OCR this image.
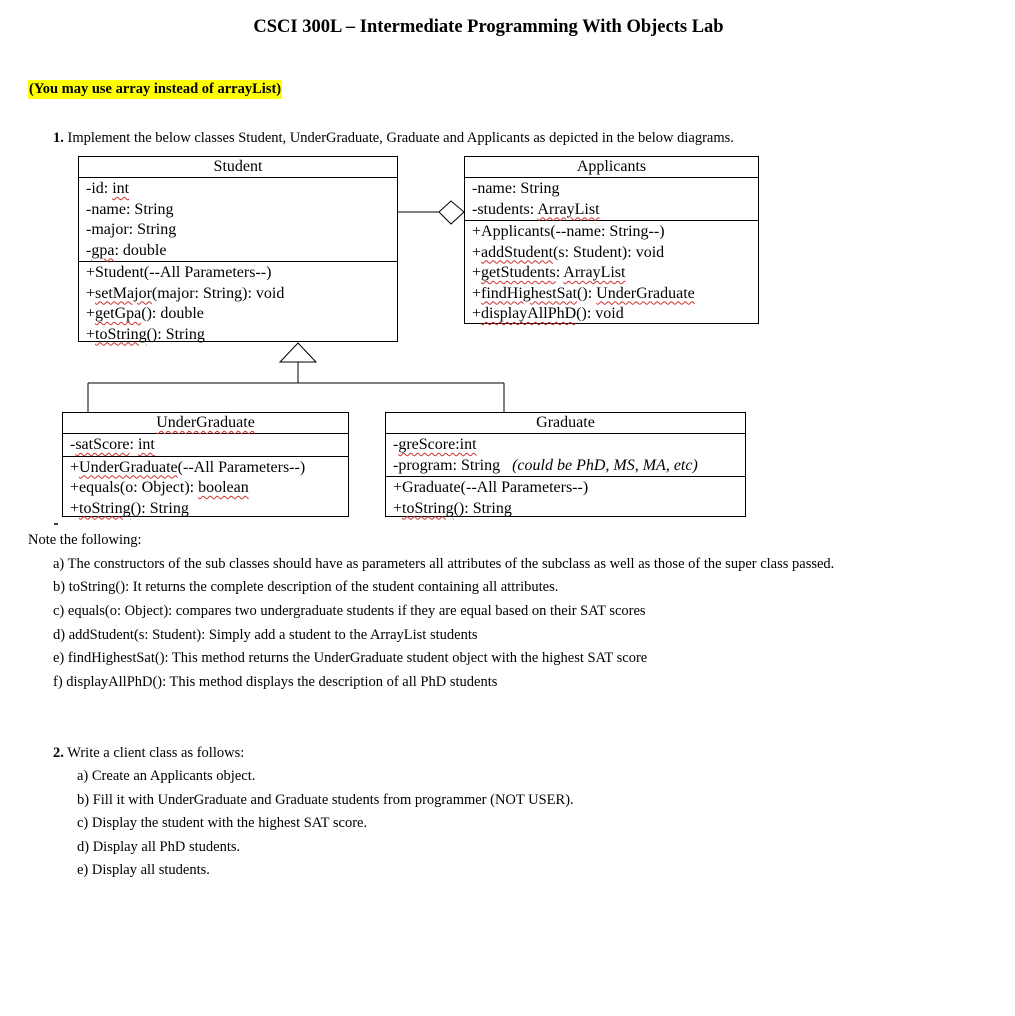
CSCI 300L – Intermediate Programming With Objects Lab
(You may use array instead of arrayList)
1. Implement the below classes Student, UnderGraduate, Graduate and Applicants as depicted in the below diagrams.
Student
-id: int
-name: String
-major: String
-gpa: double
+Student(--All Parameters--)
+setMajor(major: String): void
+getGpa(): double
+toString(): String
Applicants
-name: String
-students: ArrayList
+Applicants(--name: String--)
+addStudent(s: Student): void
+getStudents: ArrayList
+findHighestSat(): UnderGraduate
+displayAllPhD(): void
UnderGraduate
-satScore: int
+UnderGraduate(--All Parameters--)
+equals(o: Object): boolean
+toString(): String
Graduate
-greScore:int
-program: String (could be PhD, MS, MA, etc)
+Graduate(--All Parameters--)
+toString(): String
Note the following:
a) The constructors of the sub classes should have as parameters all attributes of the subclass as well as those of the super class passed.
b) toString(): It returns the complete description of the student containing all attributes.
c) equals(o: Object): compares two undergraduate students if they are equal based on their SAT scores
d) addStudent(s: Student): Simply add a student to the ArrayList students
e) findHighestSat(): This method returns the UnderGraduate student object with the highest SAT score
f) displayAllPhD(): This method displays the description of all PhD students
2. Write a client class as follows:
a) Create an Applicants object.
b) Fill it with UnderGraduate and Graduate students from programmer (NOT USER).
c) Display the student with the highest SAT score.
d) Display all PhD students.
e) Display all students.
